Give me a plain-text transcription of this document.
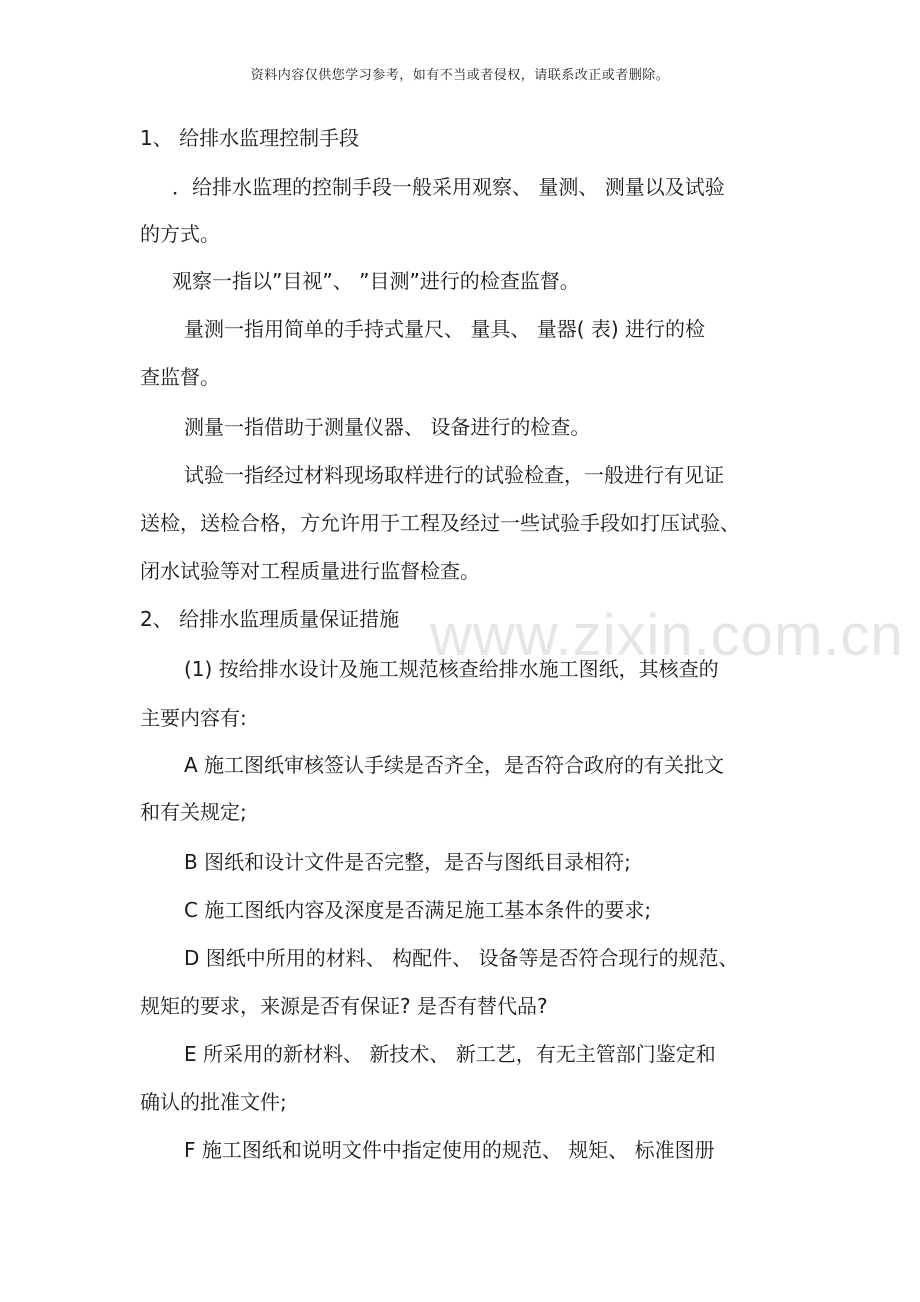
资料内容仅供您学习参考，如有不当或者侵权，请联系改正或者删除。
www.zixin.com.cn
1、 给排水监理控制手段
．给排水监理的控制手段一般采用观察、 量测、 测量以及试验
的方式。
观察一指以”目视”、 ”目测”进行的检查监督。
量测一指用简单的手持式量尺、 量具、 量器( 表) 进行的检
查监督。
测量一指借助于测量仪器、 设备进行的检查。
试验一指经过材料现场取样进行的试验检查，一般进行有见证
送检，送检合格，方允许用于工程及经过一些试验手段如打压试验、
闭水试验等对工程质量进行监督检查。
2、 给排水监理质量保证措施
(1) 按给排水设计及施工规范核查给排水施工图纸，其核查的
主要内容有:
A 施工图纸审核签认手续是否齐全，是否符合政府的有关批文
和有关规定;
B 图纸和设计文件是否完整，是否与图纸目录相符;
C 施工图纸内容及深度是否满足施工基本条件的要求;
D 图纸中所用的材料、 构配件、 设备等是否符合现行的规范、
规矩的要求，来源是否有保证? 是否有替代品?
E 所采用的新材料、 新技术、 新工艺，有无主管部门鉴定和
确认的批准文件;
F 施工图纸和说明文件中指定使用的规范、 规矩、 标准图册
